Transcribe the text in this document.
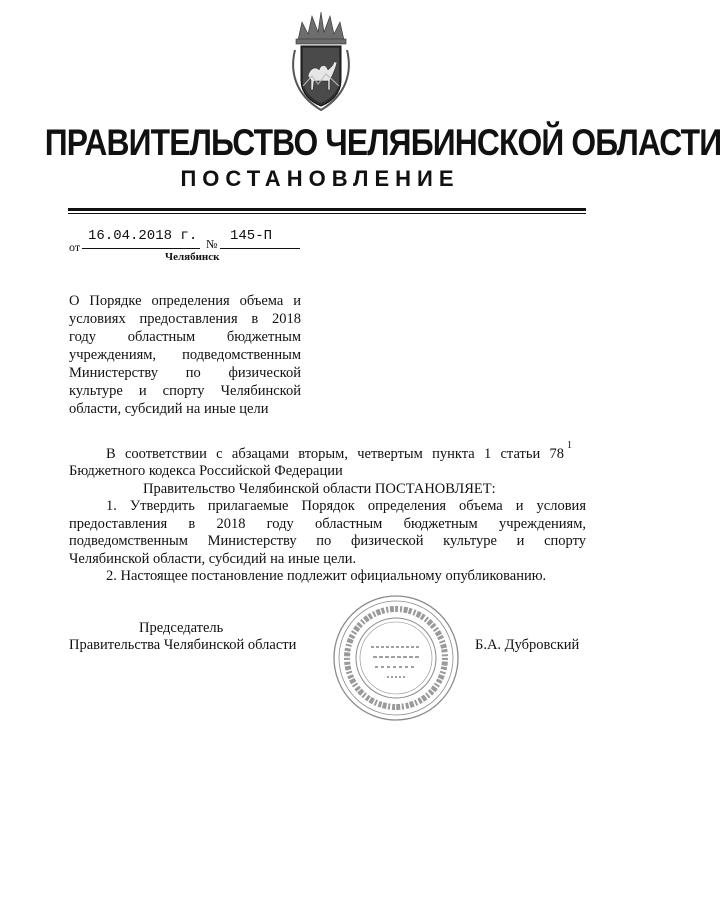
ПРАВИТЕЛЬСТВО ЧЕЛЯБИНСКОЙ ОБЛАСТИ
ПОСТАНОВЛЕНИЕ
от
16.04.2018 г. № 145-П
Челябинск
О Порядке определения объема и
условиях предоставления в 2018
году областным бюджетным
учреждениям, подведомственным
Министерству по физической
культуре и спорту Челябинской
области, субсидий на иные цели
В соответствии с абзацами вторым, четвертым пункта 1 статьи 78
1
Бюджетного кодекса Российской Федерации
Правительство Челябинской области ПОСТАНОВЛЯЕТ:
1. Утвердить прилагаемые Порядок определения объема и условия
предоставления в 2018 году областным бюджетным учреждениям,
подведомственным Министерству по физической культуре и спорту
Челябинской области, субсидий на иные цели.
2. Настоящее постановление подлежит официальному опубликованию.
Председатель
Правительства Челябинской области	Б.А. Дубровский
